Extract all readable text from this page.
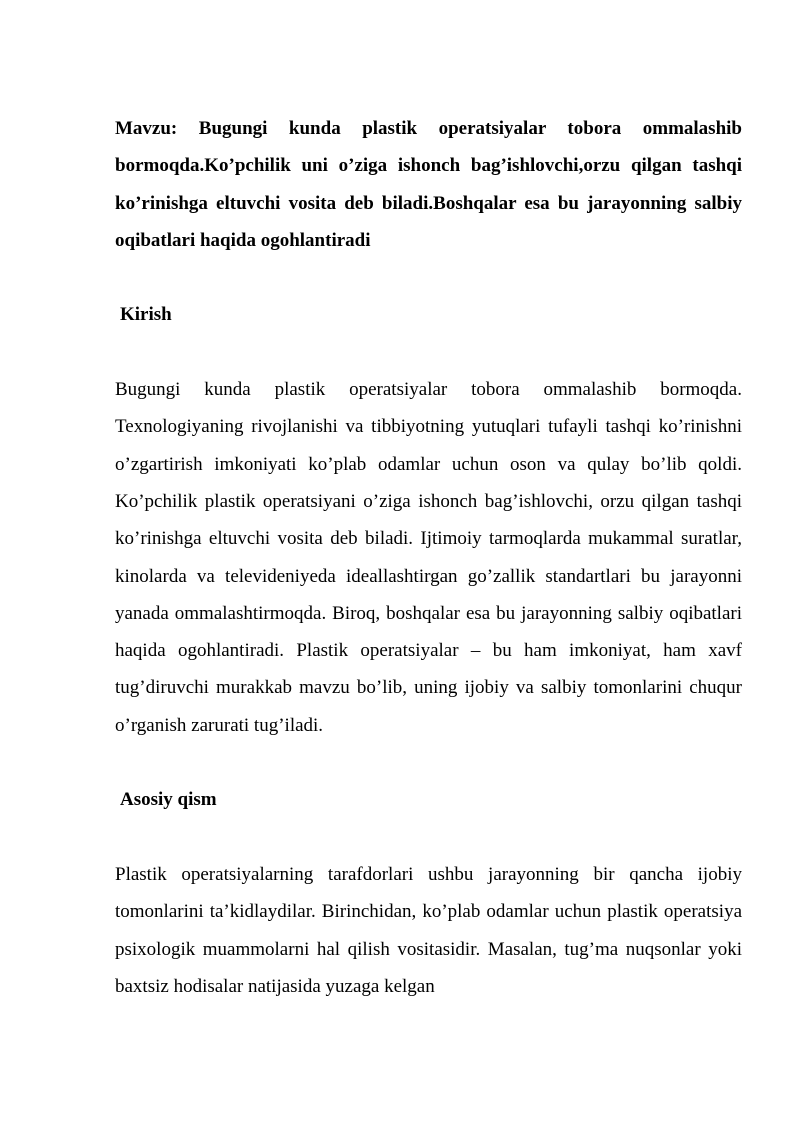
Mavzu: Bugungi kunda plastik operatsiyalar tobora ommalashib bormoqda.Ko’pchilik uni o’ziga ishonch bag’ishlovchi,orzu qilgan tashqi ko’rinishga eltuvchi vosita deb biladi.Boshqalar esa bu jarayonning salbiy oqibatlari haqida ogohlantiradi

Kirish

Bugungi kunda plastik operatsiyalar tobora ommalashib bormoqda. Texnologiyaning rivojlanishi va tibbiyotning yutuqlari tufayli tashqi ko’rinishni o’zgartirish imkoniyati ko’plab odamlar uchun oson va qulay bo’lib qoldi. Ko’pchilik plastik operatsiyani o’ziga ishonch bag’ishlovchi, orzu qilgan tashqi ko’rinishga eltuvchi vosita deb biladi. Ijtimoiy tarmoqlarda mukammal suratlar, kinolarda va televideniyeda ideallashtirgan go’zallik standartlari bu jarayonni yanada ommalashtirmoqda. Biroq, boshqalar esa bu jarayonning salbiy oqibatlari haqida ogohlantiradi. Plastik operatsiyalar – bu ham imkoniyat, ham xavf tug’diruvchi murakkab mavzu bo’lib, uning ijobiy va salbiy tomonlarini chuqur o’rganish zarurati tug’iladi.

Asosiy qism

Plastik operatsiyalarning tarafdorlari ushbu jarayonning bir qancha ijobiy tomonlarini ta’kidlaydilar. Birinchidan, ko’plab odamlar uchun plastik operatsiya psixologik muammolarni hal qilish vositasidir. Masalan, tug’ma nuqsonlar yoki baxtsiz hodisalar natijasida yuzaga kelgan
